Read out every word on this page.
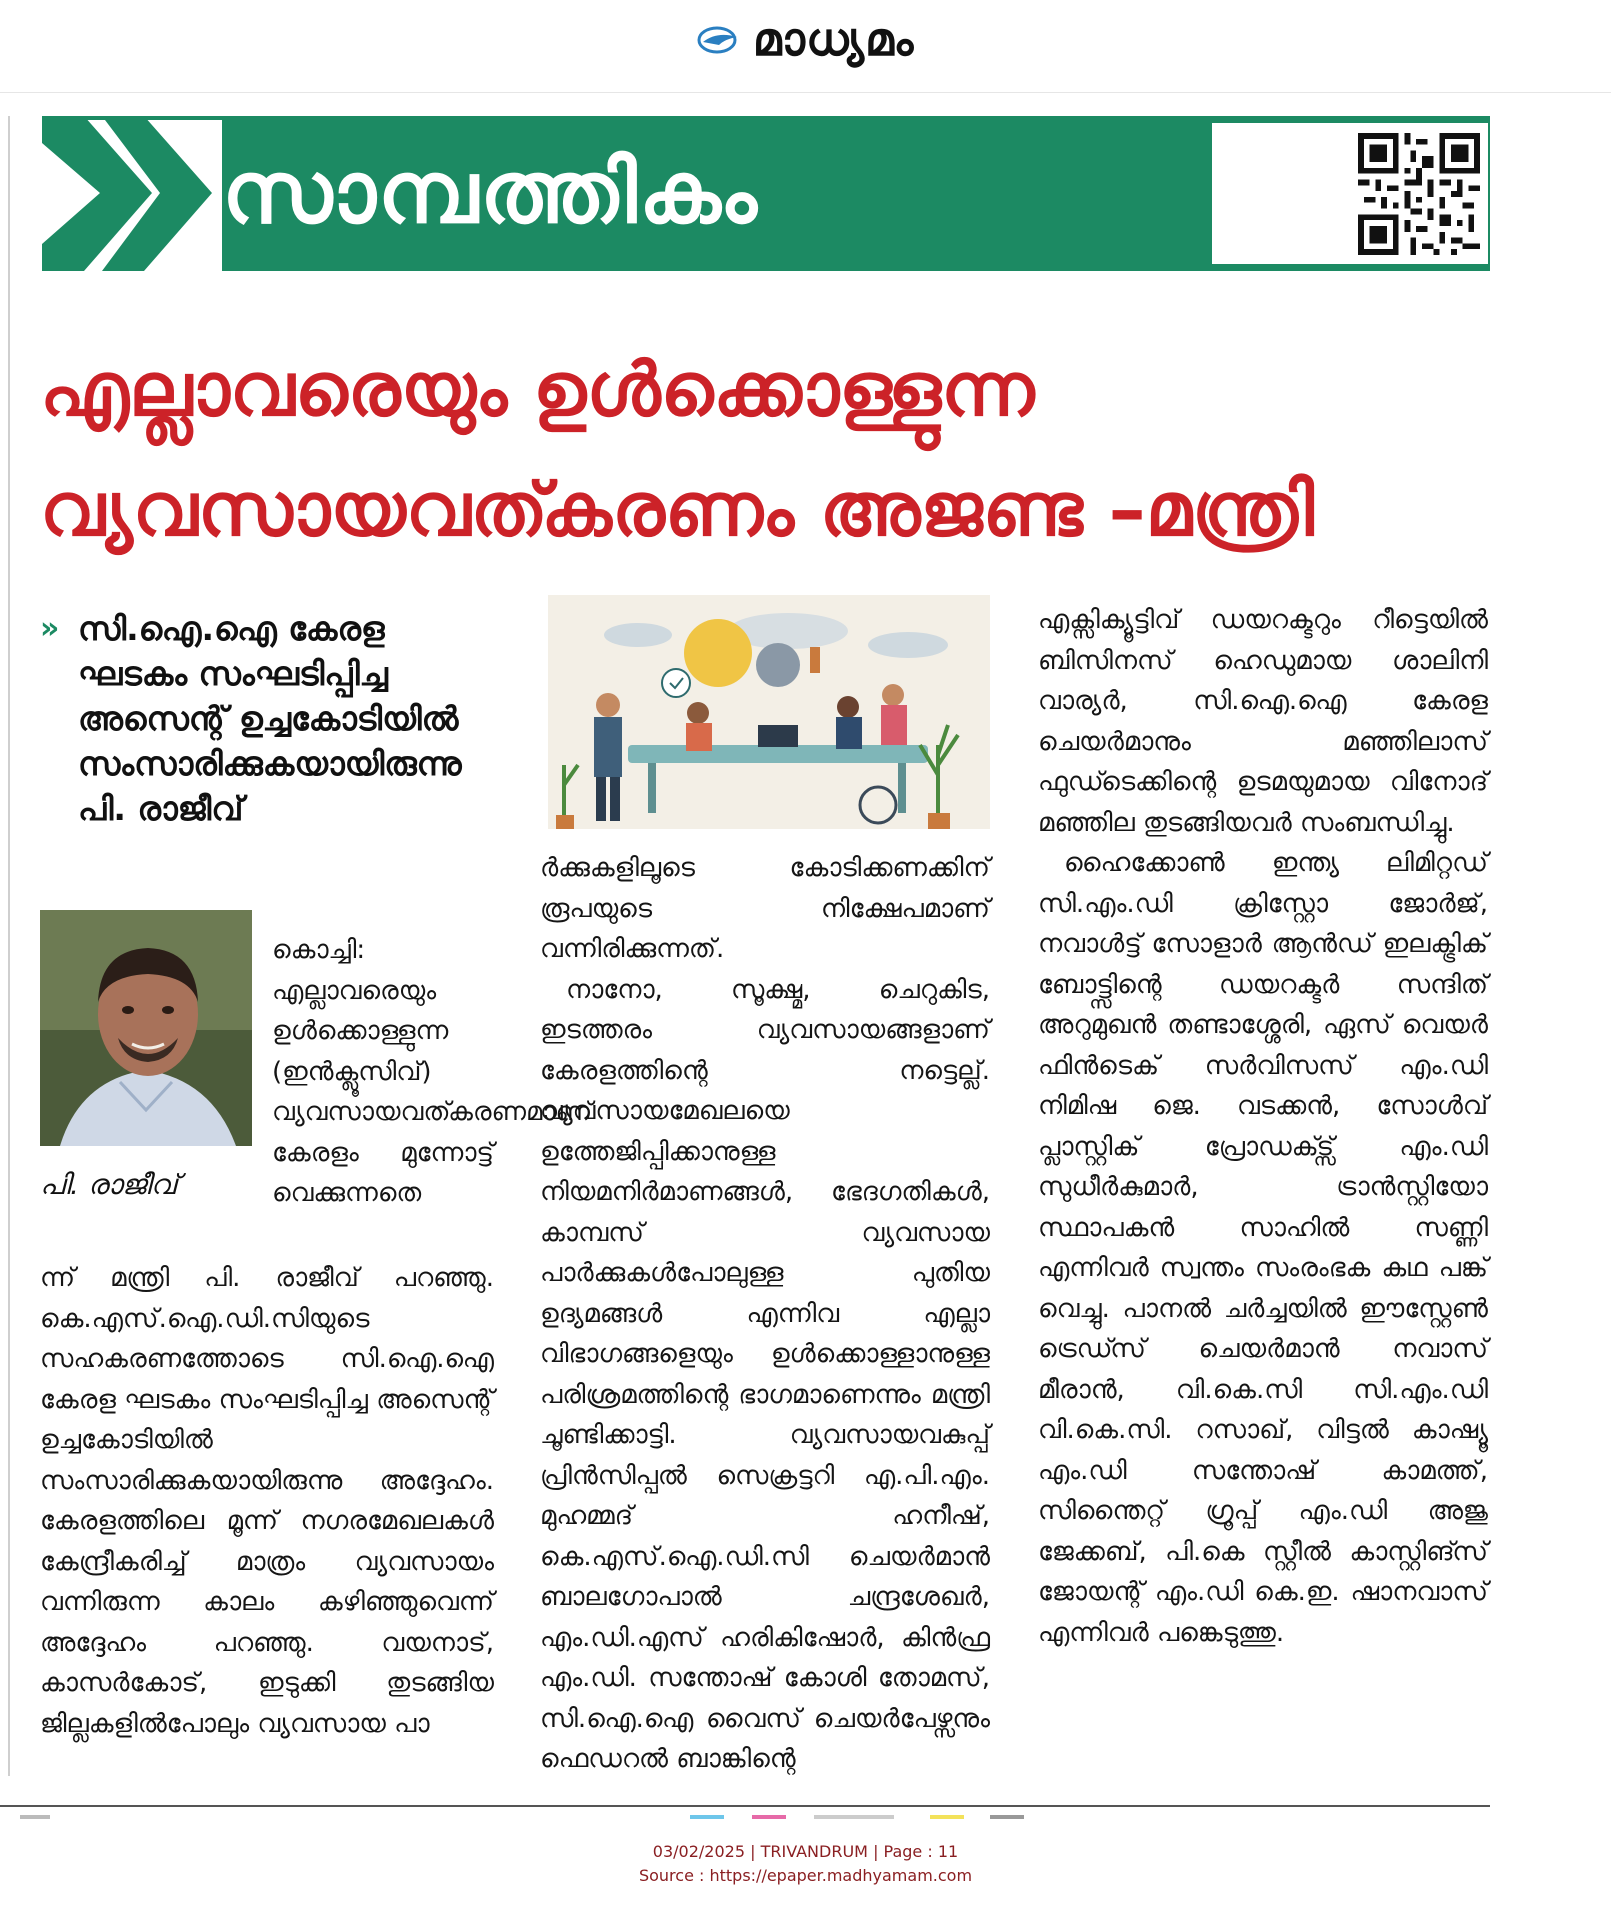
മാധ്യമം
സാമ്പത്തികം
എല്ലാവരെയും ഉൾക്കൊള്ളുന്ന
വ്യവസായവത്കരണം അജണ്ട –മന്ത്രി
» സി.ഐ.ഐ കേരള ഘടകം സംഘടിപ്പിച്ച അസെന്റ് ഉച്ചകോടിയിൽ സംസാരിക്കുകയായിരുന്നു പി. രാജീവ്
പി. രാജീവ്

കൊച്ചി: എല്ലാവരെയും ഉൾക്കൊള്ളുന്ന (ഇൻക്ലൂസിവ്) വ്യവസായവത്കരണമാണ് കേരളം മുന്നോട്ട് വെക്കുന്നതെ

ന്ന് മന്ത്രി പി. രാജീവ് പറഞ്ഞു. കെ.എസ്.ഐ.ഡി.സിയുടെ സഹകരണത്തോടെ സി.ഐ.ഐ കേരള ഘടകം സംഘടിപ്പിച്ച അസെന്റ് ഉച്ചകോടിയിൽ സംസാരിക്കുകയായിരുന്നു അദ്ദേഹം. കേരളത്തിലെ മൂന്ന് നഗരമേഖലകൾ കേന്ദ്രീകരിച്ച് മാത്രം വ്യവസായം വന്നിരുന്ന കാലം കഴിഞ്ഞുവെന്ന് അദ്ദേഹം പറഞ്ഞു. വയനാട്, കാസർകോട്, ഇടുക്കി തുടങ്ങിയ ജില്ലകളിൽപോലും വ്യവസായ പാ

ർക്കുകളിലൂടെ കോടിക്കണക്കിന് രൂപയുടെ നിക്ഷേപമാണ് വന്നിരിക്കുന്നത്.

നാനോ, സൂക്ഷ്മ, ചെറുകിട, ഇടത്തരം വ്യവസായങ്ങളാണ് കേരളത്തിന്റെ നട്ടെല്ല്. വ്യവസായമേഖലയെ ഉത്തേജിപ്പിക്കാനുള്ള നിയമനിർമാണങ്ങൾ, ഭേദഗതികൾ, കാമ്പസ് വ്യവസായ പാർക്കുകൾപോലുള്ള പുതിയ ഉദ്യമങ്ങൾ എന്നിവ എല്ലാ വിഭാഗങ്ങളെയും ഉൾക്കൊള്ളാനുള്ള പരിശ്രമത്തിന്റെ ഭാഗമാണെന്നും മന്ത്രി ചൂണ്ടിക്കാട്ടി. വ്യവസായവകുപ്പ് പ്രിൻസിപ്പൽ സെക്രട്ടറി എ.പി.എം. മുഹമ്മദ് ഹനീഷ്, കെ.എസ്.ഐ.ഡി.സി ചെയർമാൻ ബാലഗോപാൽ ചന്ദ്രശേഖർ, എം.ഡി.എസ് ഹരികിഷോർ, കിൻഫ്ര എം.ഡി. സന്തോഷ് കോശി തോമസ്, സി.ഐ.ഐ വൈസ് ചെയർപേഴ്സനും ഫെഡറൽ ബാങ്കിന്റെ

എക്സിക്യൂട്ടിവ് ഡയറക്ടറും റീട്ടെയിൽ ബിസിനസ് ഹെഡുമായ ശാലിനി വാര്യർ, സി.ഐ.ഐ കേരള ചെയർമാനും മഞ്ഞിലാസ് ഫുഡ്ടെക്കിന്റെ ഉടമയുമായ വിനോദ് മഞ്ഞില തുടങ്ങിയവർ സംബന്ധിച്ചു.

ഹൈക്കോൺ ഇന്ത്യ ലിമിറ്റഡ് സി.എം.ഡി ക്രിസ്റ്റോ ജോർജ്, നവാൾട്ട് സോളാർ ആൻഡ് ഇലക്ട്രിക് ബോട്ട്സിന്റെ ഡയറക്ടർ സന്ദിത് അറുമുഖൻ തണ്ടാശ്ശേരി, ഏസ് വെയർ ഫിൻടെക് സർവിസസ് എം.ഡി നിമിഷ ജെ. വടക്കൻ, സോൾവ് പ്ലാസ്റ്റിക് പ്രോഡക്ട്സ് എം.ഡി സുധീർകുമാർ, ട്രാൻസ്റ്റിയോ സ്ഥാപകൻ സാഹിൽ സണ്ണി എന്നിവർ സ്വന്തം സംരംഭക കഥ പങ്ക് വെച്ചു. പാനൽ ചർച്ചയിൽ ഈസ്റ്റേൺ ട്രെഡ്സ് ചെയർമാൻ നവാസ് മീരാൻ, വി.കെ.സി സി.എം.ഡി വി.കെ.സി. റസാഖ്, വിട്ടൽ കാഷ്യൂ എം.ഡി സന്തോഷ് കാമത്ത്, സിന്തൈറ്റ് ഗ്രൂപ്പ് എം.ഡി അജു ജേക്കബ്, പി.കെ സ്റ്റീൽ കാസ്റ്റിങ്സ് ജോയന്റ് എം.ഡി കെ.ഇ. ഷാനവാസ് എന്നിവർ പങ്കെടുത്തു.

03/02/2025 | TRIVANDRUM | Page : 11
Source : https://epaper.madhyamam.com
